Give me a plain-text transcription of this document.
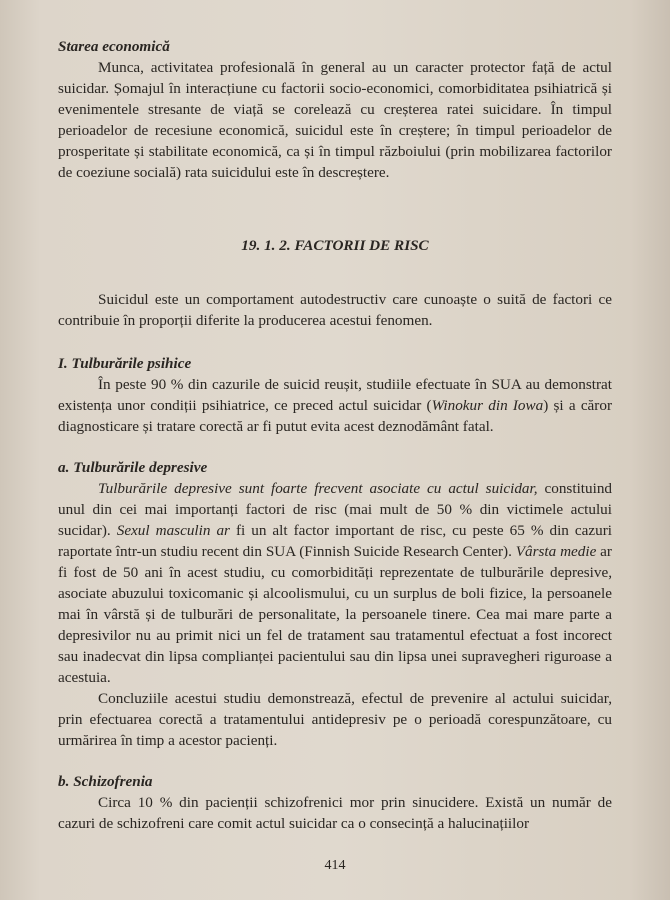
Starea economică

Munca, activitatea profesională în general au un caracter protector față de actul suicidar. Șomajul în interacțiune cu factorii socio-economici, comorbiditatea psihiatrică și evenimentele stresante de viață se corelează cu creșterea ratei suicidare. În timpul perioadelor de recesiune economică, suicidul este în creștere; în timpul perioadelor de prosperitate și stabilitate economică, ca și în timpul războiului (prin mobilizarea factorilor de coeziune socială) rata suicidului este în descreștere.

19. 1. 2. FACTORII DE RISC

Suicidul este un comportament autodestructiv care cunoaște o suită de factori ce contribuie în proporții diferite la producerea acestui fenomen.

I. Tulburările psihice

În peste 90 % din cazurile de suicid reușit, studiile efectuate în SUA au demonstrat existența unor condiții psihiatrice, ce preced actul suicidar (Winokur din Iowa) și a căror diagnosticare și tratare corectă ar fi putut evita acest deznodământ fatal.

a. Tulburările depresive

Tulburările depresive sunt foarte frecvent asociate cu actul suicidar, constituind unul din cei mai importanți factori de risc (mai mult de 50 % din victimele actului sucidar). Sexul masculin ar fi un alt factor important de risc, cu peste 65 % din cazuri raportate într-un studiu recent din SUA (Finnish Suicide Research Center). Vârsta medie ar fi fost de 50 ani în acest studiu, cu comorbidități reprezentate de tulburările depresive, asociate abuzului toxicomanic și alcoolismului, cu un surplus de boli fizice, la persoanele mai în vârstă și de tulburări de personalitate, la persoanele tinere. Cea mai mare parte a depresivilor nu au primit nici un fel de tratament sau tratamentul efectuat a fost incorect sau inadecvat din lipsa complianței pacientului sau din lipsa unei supravegheri riguroase a acestuia.

Concluziile acestui studiu demonstrează, efectul de prevenire al actului suicidar, prin efectuarea corectă a tratamentului antidepresiv pe o perioadă corespunzătoare, cu urmărirea în timp a acestor pacienți.

b. Schizofrenia

Circa 10 % din pacienții schizofrenici mor prin sinucidere. Există un număr de cazuri de schizofreni care comit actul suicidar ca o consecință a halucinațiilor

414
